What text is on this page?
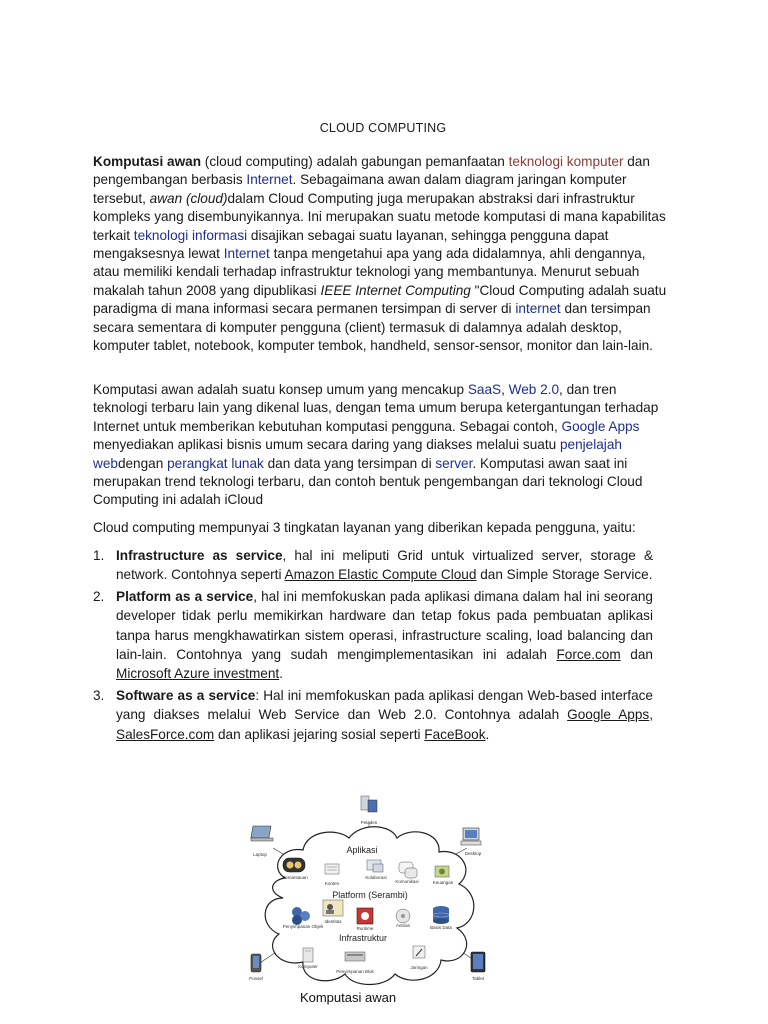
CLOUD COMPUTING
Komputasi awan (cloud computing) adalah gabungan pemanfaatan teknologi komputer dan pengembangan berbasis Internet. Sebagaimana awan dalam diagram jaringan komputer tersebut, awan (cloud)dalam Cloud Computing juga merupakan abstraksi dari infrastruktur kompleks yang disembunyikannya. Ini merupakan suatu metode komputasi di mana kapabilitas terkait teknologi informasi disajikan sebagai suatu layanan, sehingga pengguna dapat mengaksesnya lewat Internet tanpa mengetahui apa yang ada didalamnya, ahli dengannya, atau memiliki kendali terhadap infrastruktur teknologi yang membantunya. Menurut sebuah makalah tahun 2008 yang dipublikasi IEEE Internet Computing "Cloud Computing adalah suatu paradigma di mana informasi secara permanen tersimpan di server di internet dan tersimpan secara sementara di komputer pengguna (client) termasuk di dalamnya adalah desktop, komputer tablet, notebook, komputer tembok, handheld, sensor-sensor, monitor dan lain-lain.
Komputasi awan adalah suatu konsep umum yang mencakup SaaS, Web 2.0, dan tren teknologi terbaru lain yang dikenal luas, dengan tema umum berupa ketergantungan terhadap Internet untuk memberikan kebutuhan komputasi pengguna. Sebagai contoh, Google Apps menyediakan aplikasi bisnis umum secara daring yang diakses melalui suatu penjelajah webdengan perangkat lunak dan data yang tersimpan di server. Komputasi awan saat ini merupakan trend teknologi terbaru, dan contoh bentuk pengembangan dari teknologi Cloud Computing ini adalah iCloud
Cloud computing mempunyai 3 tingkatan layanan yang diberikan kepada pengguna, yaitu:
1. Infrastructure as service, hal ini meliputi Grid untuk virtualized server, storage & network. Contohnya seperti Amazon Elastic Compute Cloud dan Simple Storage Service.
2. Platform as a service, hal ini memfokuskan pada aplikasi dimana dalam hal ini seorang developer tidak perlu memikirkan hardware dan tetap fokus pada pembuatan aplikasi tanpa harus mengkhawatirkan sistem operasi, infrastructure scaling, load balancing dan lain-lain. Contohnya yang sudah mengimplementasikan ini adalah Force.com dan Microsoft Azure investment.
3. Software as a service: Hal ini memfokuskan pada aplikasi dengan Web-based interface yang diakses melalui Web Service dan Web 2.0. Contohnya adalah Google Apps, SalesForce.com dan aplikasi jejaring sosial seperti FaceBook.
Peladen
Laptop	Desktop
Ponsel	Tablet
Aplikasi
Platform (Serambi)
Infrastruktur
Pemantauan
Konten
Kolaborasi
Komunikasi	Keuangan
Identitas
Penyimpanan Objek	Runtime
Antrian	Basis Data
Komputer
Penyimpanan Blok
Jaringan
Komputasi awan
